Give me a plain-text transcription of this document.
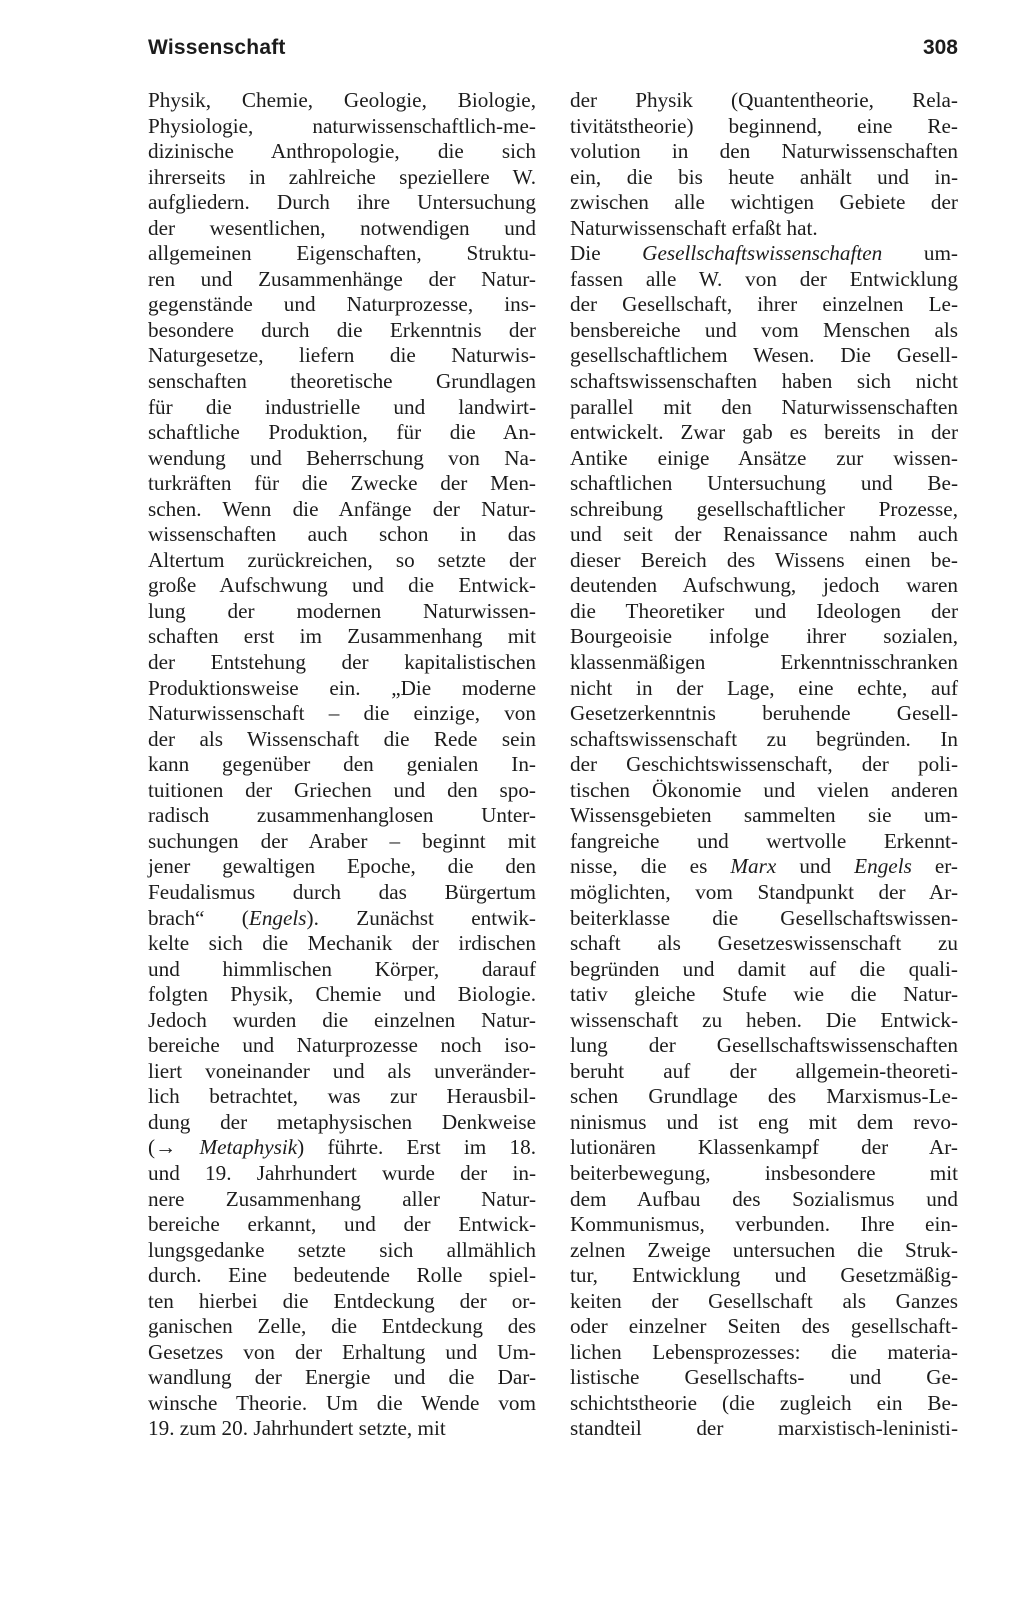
Wissenschaft	308
Physik, Chemie, Geologie, Biologie,
Physiologie, naturwissenschaftlich-me-
dizinische Anthropologie, die sich
ihrerseits in zahlreiche speziellere W.
aufgliedern. Durch ihre Untersuchung
der wesentlichen, notwendigen und
allgemeinen Eigenschaften, Struktu-
ren und Zusammenhänge der Natur-
gegenstände und Naturprozesse, ins-
besondere durch die Erkenntnis der
Naturgesetze, liefern die Naturwis-
senschaften theoretische Grundlagen
für die industrielle und landwirt-
schaftliche Produktion, für die An-
wendung und Beherrschung von Na-
turkräften für die Zwecke der Men-
schen. Wenn die Anfänge der Natur-
wissenschaften auch schon in das
Altertum zurückreichen, so setzte der
große Aufschwung und die Entwick-
lung der modernen Naturwissen-
schaften erst im Zusammenhang mit
der Entstehung der kapitalistischen
Produktionsweise ein. „Die moderne
Naturwissenschaft – die einzige, von
der als Wissenschaft die Rede sein
kann gegenüber den genialen In-
tuitionen der Griechen und den spo-
radisch zusammenhanglosen Unter-
suchungen der Araber – beginnt mit
jener gewaltigen Epoche, die den
Feudalismus durch das Bürgertum
brach“ (Engels). Zunächst entwik-
kelte sich die Mechanik der irdischen
und himmlischen Körper, darauf
folgten Physik, Chemie und Biologie.
Jedoch wurden die einzelnen Natur-
bereiche und Naturprozesse noch iso-
liert voneinander und als unveränder-
lich betrachtet, was zur Herausbil-
dung der metaphysischen Denkweise
(→ Metaphysik) führte. Erst im 18.
und 19. Jahrhundert wurde der in-
nere Zusammenhang aller Natur-
bereiche erkannt, und der Entwick-
lungsgedanke setzte sich allmählich
durch. Eine bedeutende Rolle spiel-
ten hierbei die Entdeckung der or-
ganischen Zelle, die Entdeckung des
Gesetzes von der Erhaltung und Um-
wandlung der Energie und die Dar-
winsche Theorie. Um die Wende vom
19. zum 20. Jahrhundert setzte, mit
der Physik (Quantentheorie, Rela-
tivitätstheorie) beginnend, eine Re-
volution in den Naturwissenschaften
ein, die bis heute anhält und in-
zwischen alle wichtigen Gebiete der
Naturwissenschaft erfaßt hat.
Die Gesellschaftswissenschaften um-
fassen alle W. von der Entwicklung
der Gesellschaft, ihrer einzelnen Le-
bensbereiche und vom Menschen als
gesellschaftlichem Wesen. Die Gesell-
schaftswissenschaften haben sich nicht
parallel mit den Naturwissenschaften
entwickelt. Zwar gab es bereits in der
Antike einige Ansätze zur wissen-
schaftlichen Untersuchung und Be-
schreibung gesellschaftlicher Prozesse,
und seit der Renaissance nahm auch
dieser Bereich des Wissens einen be-
deutenden Aufschwung, jedoch waren
die Theoretiker und Ideologen der
Bourgeoisie infolge ihrer sozialen,
klassenmäßigen Erkenntnisschranken
nicht in der Lage, eine echte, auf
Gesetzerkenntnis beruhende Gesell-
schaftswissenschaft zu begründen. In
der Geschichtswissenschaft, der poli-
tischen Ökonomie und vielen anderen
Wissensgebieten sammelten sie um-
fangreiche und wertvolle Erkennt-
nisse, die es Marx und Engels er-
möglichten, vom Standpunkt der Ar-
beiterklasse die Gesellschaftswissen-
schaft als Gesetzeswissenschaft zu
begründen und damit auf die quali-
tativ gleiche Stufe wie die Natur-
wissenschaft zu heben. Die Entwick-
lung der Gesellschaftswissenschaften
beruht auf der allgemein-theoreti-
schen Grundlage des Marxismus-Le-
ninismus und ist eng mit dem revo-
lutionären Klassenkampf der Ar-
beiterbewegung, insbesondere mit
dem Aufbau des Sozialismus und
Kommunismus, verbunden. Ihre ein-
zelnen Zweige untersuchen die Struk-
tur, Entwicklung und Gesetzmäßig-
keiten der Gesellschaft als Ganzes
oder einzelner Seiten des gesellschaft-
lichen Lebensprozesses: die materia-
listische Gesellschafts- und Ge-
schichtstheorie (die zugleich ein Be-
standteil der marxistisch-leninisti-
